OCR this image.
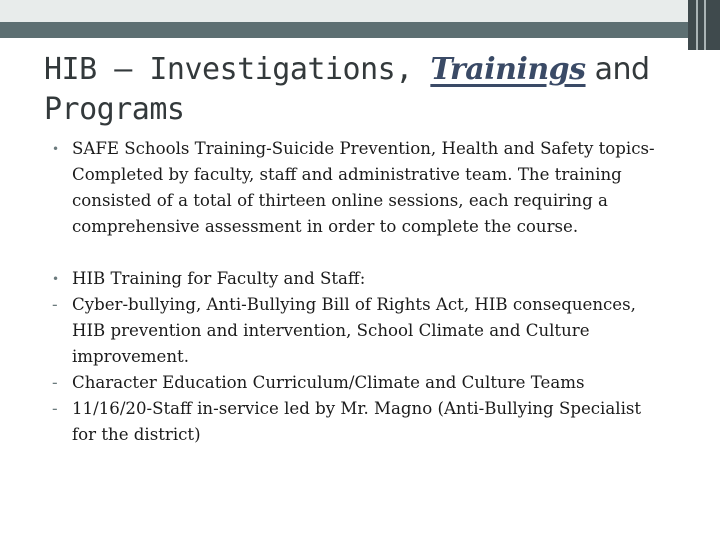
HIB – Investigations, Trainings and
Programs
• SAFE Schools Training-Suicide Prevention, Health and Safety topics- Completed by faculty, staff and administrative team. The training consisted of a total of thirteen online sessions, each requiring a comprehensive assessment in order to complete the course.
• HIB Training for Faculty and Staff:
- Cyber-bullying, Anti-Bullying Bill of Rights Act, HIB consequences, HIB prevention and intervention, School Climate and Culture improvement.
- Character Education Curriculum/Climate and Culture Teams
- 11/16/20-Staff in-service led by Mr. Magno (Anti-Bullying Specialist for the district)
